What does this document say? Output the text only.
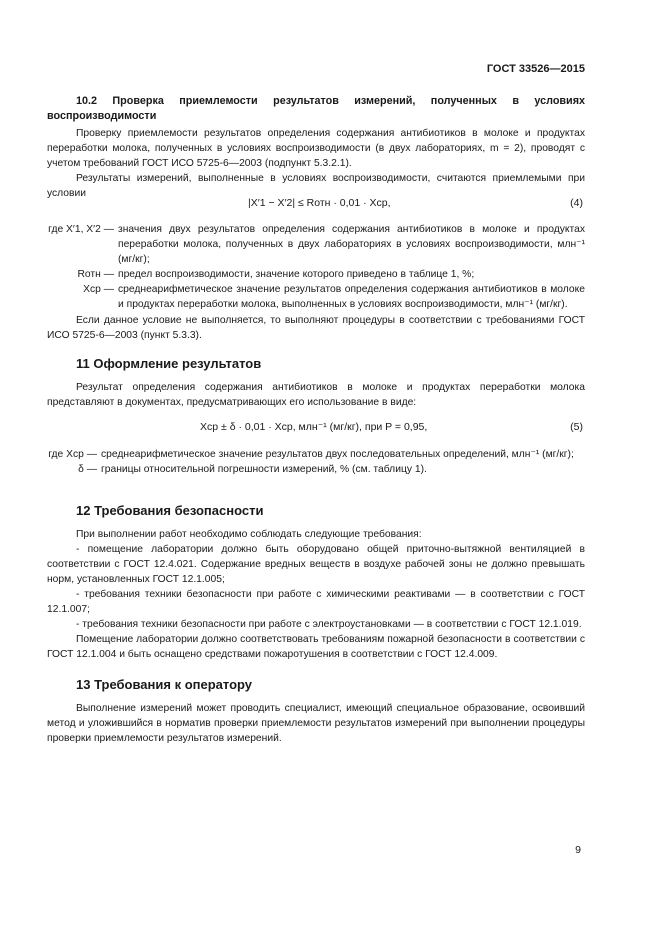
ГОСТ 33526—2015
10.2 Проверка приемлемости результатов измерений, полученных в условиях воспроизводимости
Проверку приемлемости результатов определения содержания антибиотиков в молоке и продуктах переработки молока, полученных в условиях воспроизводимости (в двух лабораториях, m = 2), проводят с учетом требований ГОСТ ИСО 5725-6—2003 (подпункт 5.3.2.1).
Результаты измерений, выполненные в условиях воспроизводимости, считаются приемлемыми при условии
|X′1 − X′2| ≤ Rотн · 0,01 · Xср,	(4)
где X′1, X′2 — значения двух результатов определения содержания антибиотиков в молоке и продуктах переработки молока, полученных в двух лабораториях в условиях воспроизводимости, млн⁻¹ (мг/кг);
Rотн — предел воспроизводимости, значение которого приведено в таблице 1, %;
Xср — среднеарифметическое значение результатов определения содержания антибиотиков в молоке и продуктах переработки молока, выполненных в условиях воспроизводимости, млн⁻¹ (мг/кг).
Если данное условие не выполняется, то выполняют процедуры в соответствии с требованиями ГОСТ ИСО 5725-6—2003 (пункт 5.3.3).
11 Оформление результатов
Результат определения содержания антибиотиков в молоке и продуктах переработки молока представляют в документах, предусматривающих его использование в виде:
Xср ± δ · 0,01 · Xср, млн⁻¹ (мг/кг), при P = 0,95,	(5)
где Xср — среднеарифметическое значение результатов двух последовательных определений, млн⁻¹ (мг/кг);
δ — границы относительной погрешности измерений, % (см. таблицу 1).
12 Требования безопасности
При выполнении работ необходимо соблюдать следующие требования:
- помещение лаборатории должно быть оборудовано общей приточно-вытяжной вентиляцией в соответствии с ГОСТ 12.4.021. Содержание вредных веществ в воздухе рабочей зоны не должно превышать норм, установленных ГОСТ 12.1.005;
- требования техники безопасности при работе с химическими реактивами — в соответствии с ГОСТ 12.1.007;
- требования техники безопасности при работе с электроустановками — в соответствии с ГОСТ 12.1.019.
Помещение лаборатории должно соответствовать требованиям пожарной безопасности в соответствии с ГОСТ 12.1.004 и быть оснащено средствами пожаротушения в соответствии с ГОСТ 12.4.009.
13 Требования к оператору
Выполнение измерений может проводить специалист, имеющий специальное образование, освоивший метод и уложившийся в норматив проверки приемлемости результатов измерений при выполнении процедуры проверки приемлемости результатов измерений.
9
